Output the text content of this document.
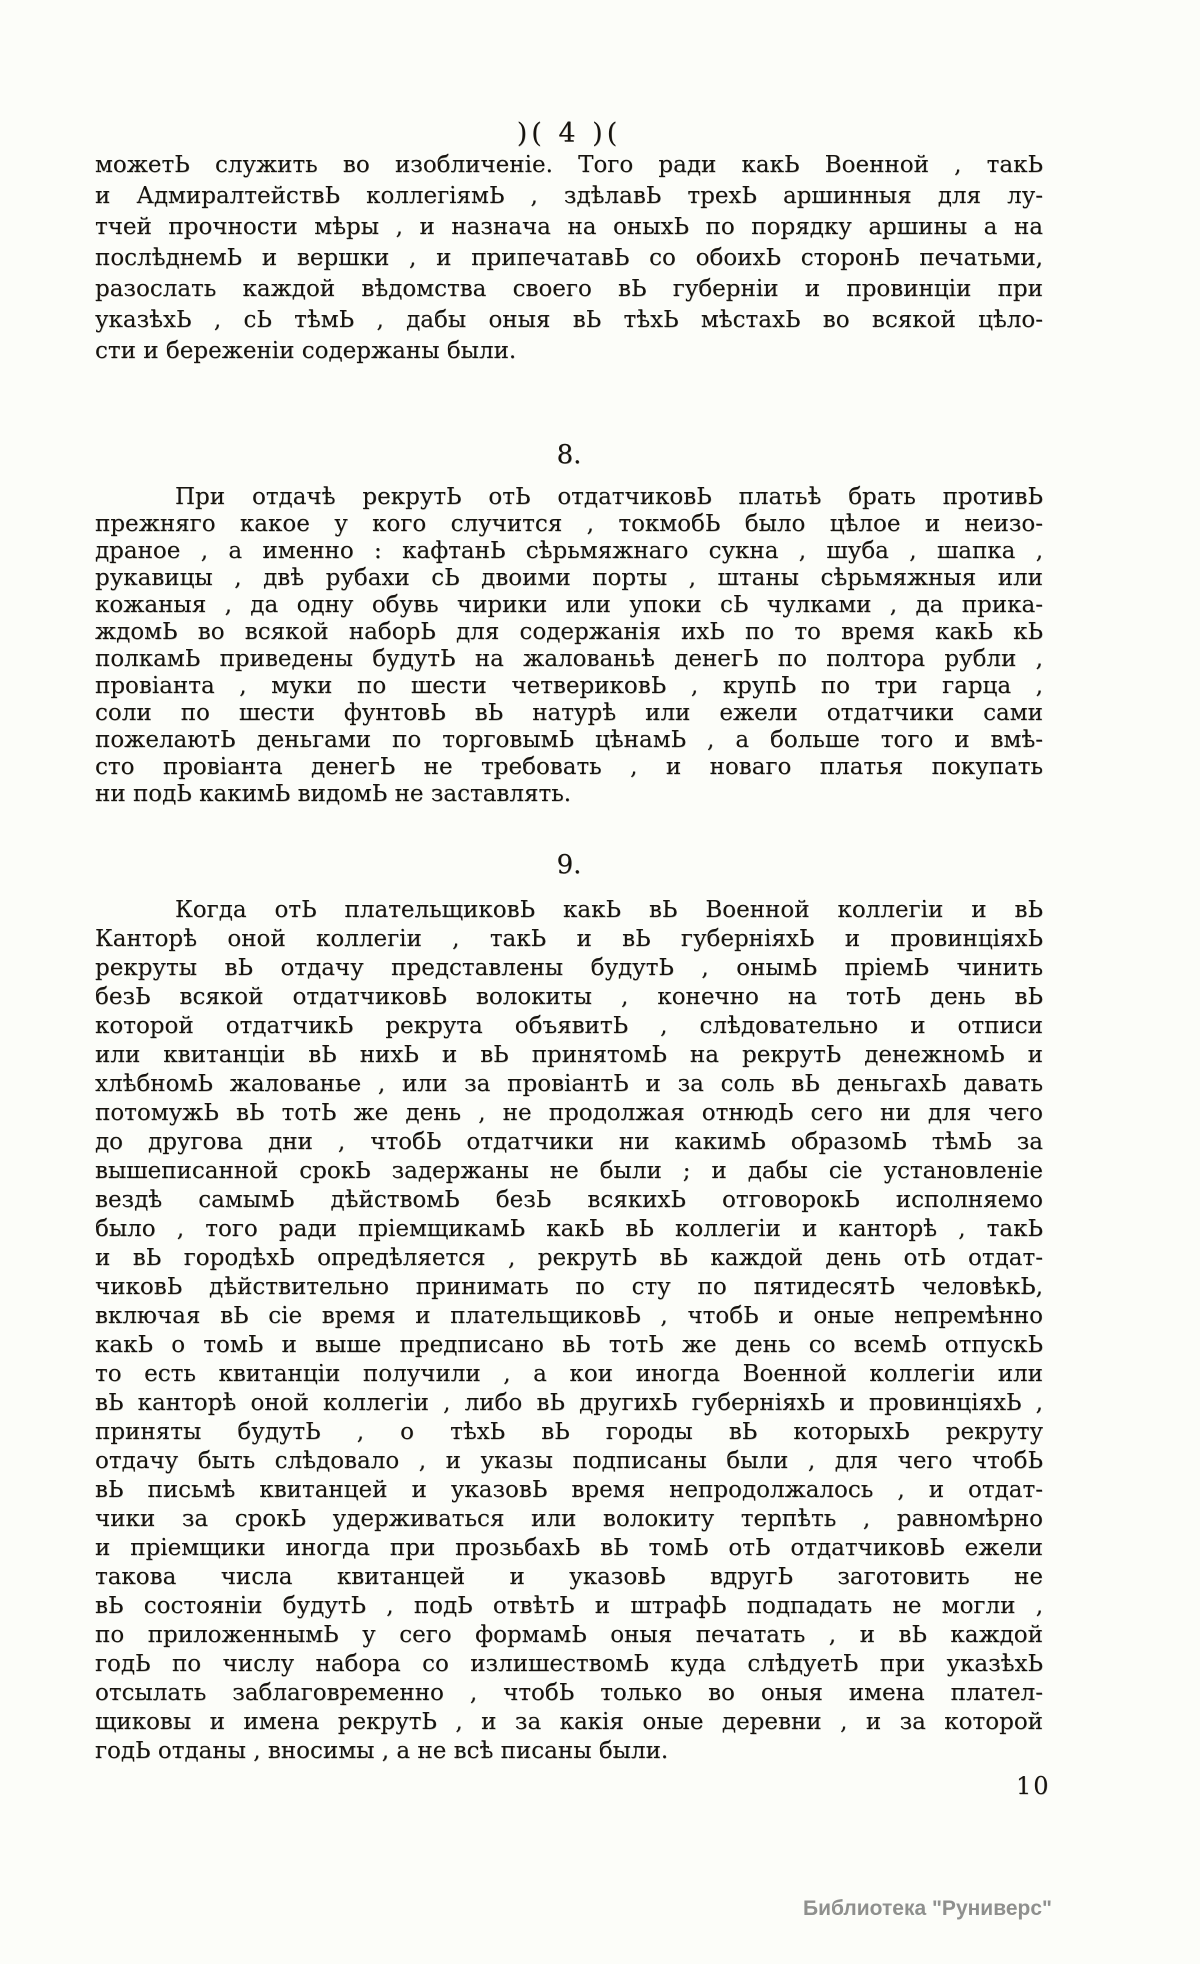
)( 4 )(
можетЬ служить во изобличеніе. Того ради какЬ Военной , такЬ
и АдмиралтействЬ коллегіямЬ , здѣлавЬ трехЬ аршинныя для лу-
тчей прочности мѣры , и назнача на оныхЬ по порядку аршины а на
послѣднемЬ и вершки , и припечатавЬ со обоихЬ сторонЬ печатьми,
разослать каждой вѣдомства своего вЬ губерніи и провинціи при
указѣхЬ , сЬ тѣмЬ , дабы оныя вЬ тѣхЬ мѣстахЬ во всякой цѣло-
сти и береженіи содержаны были.
8.
При отдачѣ рекрутЬ отЬ отдатчиковЬ платьѣ брать противЬ
прежняго какое у кого случится , токмобЬ было цѣлое и неизо-
драное , а именно : кафтанЬ сѣрьмяжнаго сукна , шуба , шапка ,
рукавицы , двѣ рубахи сЬ двоими порты , штаны сѣрьмяжныя или
кожаныя , да одну обувь чирики или упоки сЬ чулками , да прика-
ждомЬ во всякой наборЬ для содержанія ихЬ по то время какЬ кЬ
полкамЬ приведены будутЬ на жалованьѣ денегЬ по полтора рубли ,
провіанта , муки по шести четвериковЬ , крупЬ по три гарца ,
соли по шести фунтовЬ вЬ натурѣ или ежели отдатчики сами
пожелаютЬ деньгами по торговымЬ цѣнамЬ , а больше того и вмѣ-
сто провіанта денегЬ не требовать , и новаго платья покупать
ни подЬ какимЬ видомЬ не заставлять.
9.
Когда отЬ плательщиковЬ какЬ вЬ Военной коллегіи и вЬ
Канторѣ оной коллегіи , такЬ и вЬ губерніяхЬ и провинціяхЬ
рекруты вЬ отдачу представлены будутЬ , онымЬ пріемЬ чинить
безЬ всякой отдатчиковЬ волокиты , конечно на тотЬ день вЬ
которой отдатчикЬ рекрута объявитЬ , слѣдовательно и отписи
или квитанціи вЬ нихЬ и вЬ принятомЬ на рекрутЬ денежномЬ и
хлѣбномЬ жалованье , или за провіантЬ и за соль вЬ деньгахЬ давать
потомужЬ вЬ тотЬ же день , не продолжая отнюдЬ сего ни для чего
до другова дни , чтобЬ отдатчики ни какимЬ образомЬ тѣмЬ за
вышеписанной срокЬ задержаны не были ; и дабы сіе установленіе
вездѣ самымЬ дѣйствомЬ безЬ всякихЬ отговорокЬ исполняемо
было , того ради пріемщикамЬ какЬ вЬ коллегіи и канторѣ , такЬ
и вЬ городѣхЬ опредѣляется , рекрутЬ вЬ каждой день отЬ отдат-
чиковЬ дѣйствительно принимать по сту по пятидесятЬ человѣкЬ,
включая вЬ сіе время и плательщиковЬ , чтобЬ и оные непремѣнно
какЬ о томЬ и выше предписано вЬ тотЬ же день со всемЬ отпускЬ
то есть квитанціи получили , а кои иногда Военной коллегіи или
вЬ канторѣ оной коллегіи , либо вЬ другихЬ губерніяхЬ и провинціяхЬ ,
приняты будутЬ , о тѣхЬ вЬ городы вЬ которыхЬ рекруту
отдачу быть слѣдовало , и указы подписаны были , для чего чтобЬ
вЬ письмѣ квитанцей и указовЬ время непродолжалось , и отдат-
чики за срокЬ удерживаться или волокиту терпѣть , равномѣрно
и пріемщики иногда при прозьбахЬ вЬ томЬ отЬ отдатчиковЬ ежели
такова числа квитанцей и указовЬ вдругЬ заготовить не
вЬ состояніи будутЬ , подЬ отвѣтЬ и штрафЬ подпадать не могли ,
по приложеннымЬ у сего формамЬ оныя печатать , и вЬ каждой
годЬ по числу набора со излишествомЬ куда слѣдуетЬ при указѣхЬ
отсылать заблаговременно , чтобЬ только во оныя имена плател-
щиковы и имена рекрутЬ , и за какія оные деревни , и за которой
годЬ отданы , вносимы , а не всѣ писаны были.
10
Библиотека "Руниверс"
